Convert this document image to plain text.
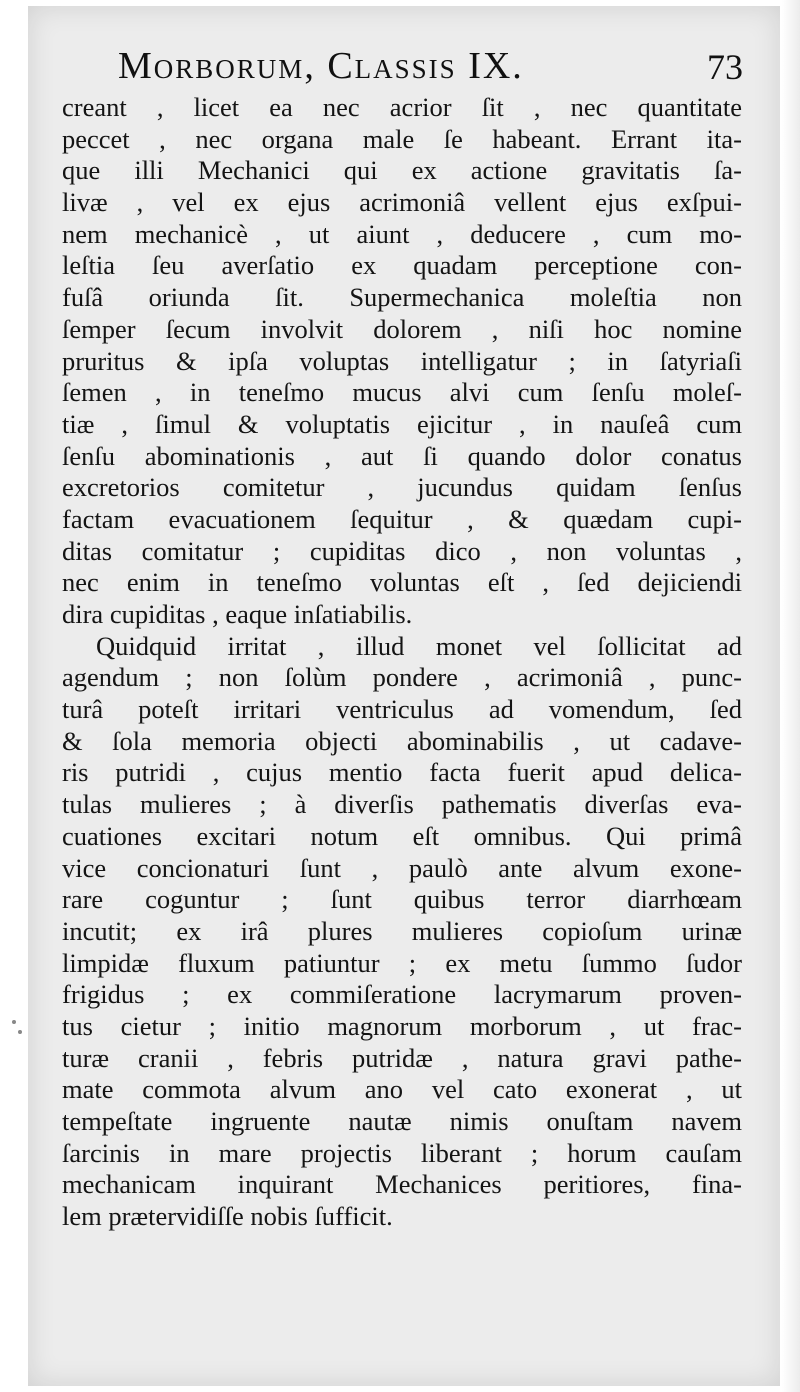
Morborum, Classis IX.	73
creant , licet ea nec acrior ſit , nec quantitate
peccet , nec organa male ſe habeant. Errant ita-
que illi Mechanici qui ex actione gravitatis ſa-
livæ , vel ex ejus acrimoniâ vellent ejus exſpui-
nem mechanicè , ut aiunt , deducere , cum mo-
leſtia ſeu averſatio ex quadam perceptione con-
fuſâ oriunda ſit. Supermechanica moleſtia non
ſemper ſecum involvit dolorem , niſi hoc nomine
pruritus & ipſa voluptas intelligatur ; in ſatyriaſi
ſemen , in teneſmo mucus alvi cum ſenſu moleſ-
tiæ , ſimul & voluptatis ejicitur , in nauſeâ cum
ſenſu abominationis , aut ſi quando dolor conatus
excretorios comitetur , jucundus quidam ſenſus
factam evacuationem ſequitur , & quædam cupi-
ditas comitatur ; cupiditas dico , non voluntas ,
nec enim in teneſmo voluntas eſt , ſed dejiciendi
dira cupiditas , eaque inſatiabilis.
Quidquid irritat , illud monet vel ſollicitat ad
agendum ; non ſolùm pondere , acrimoniâ , punc-
turâ poteſt irritari ventriculus ad vomendum, ſed
& ſola memoria objecti abominabilis , ut cadave-
ris putridi , cujus mentio facta fuerit apud delica-
tulas mulieres ; à diverſis pathematis diverſas eva-
cuationes excitari notum eſt omnibus. Qui primâ
vice concionaturi ſunt , paulò ante alvum exone-
rare coguntur ; ſunt quibus terror diarrhœam
incutit; ex irâ plures mulieres copioſum urinæ
limpidæ fluxum patiuntur ; ex metu ſummo ſudor
frigidus ; ex commiſeratione lacrymarum proven-
tus cietur ; initio magnorum morborum , ut frac-
turæ cranii , febris putridæ , natura gravi pathe-
mate commota alvum ano vel cato exonerat , ut
tempeſtate ingruente nautæ nimis onuſtam navem
ſarcinis in mare projectis liberant ; horum cauſam
mechanicam inquirant Mechanices peritiores, fina-
lem prætervidiſſe nobis ſufficit.
